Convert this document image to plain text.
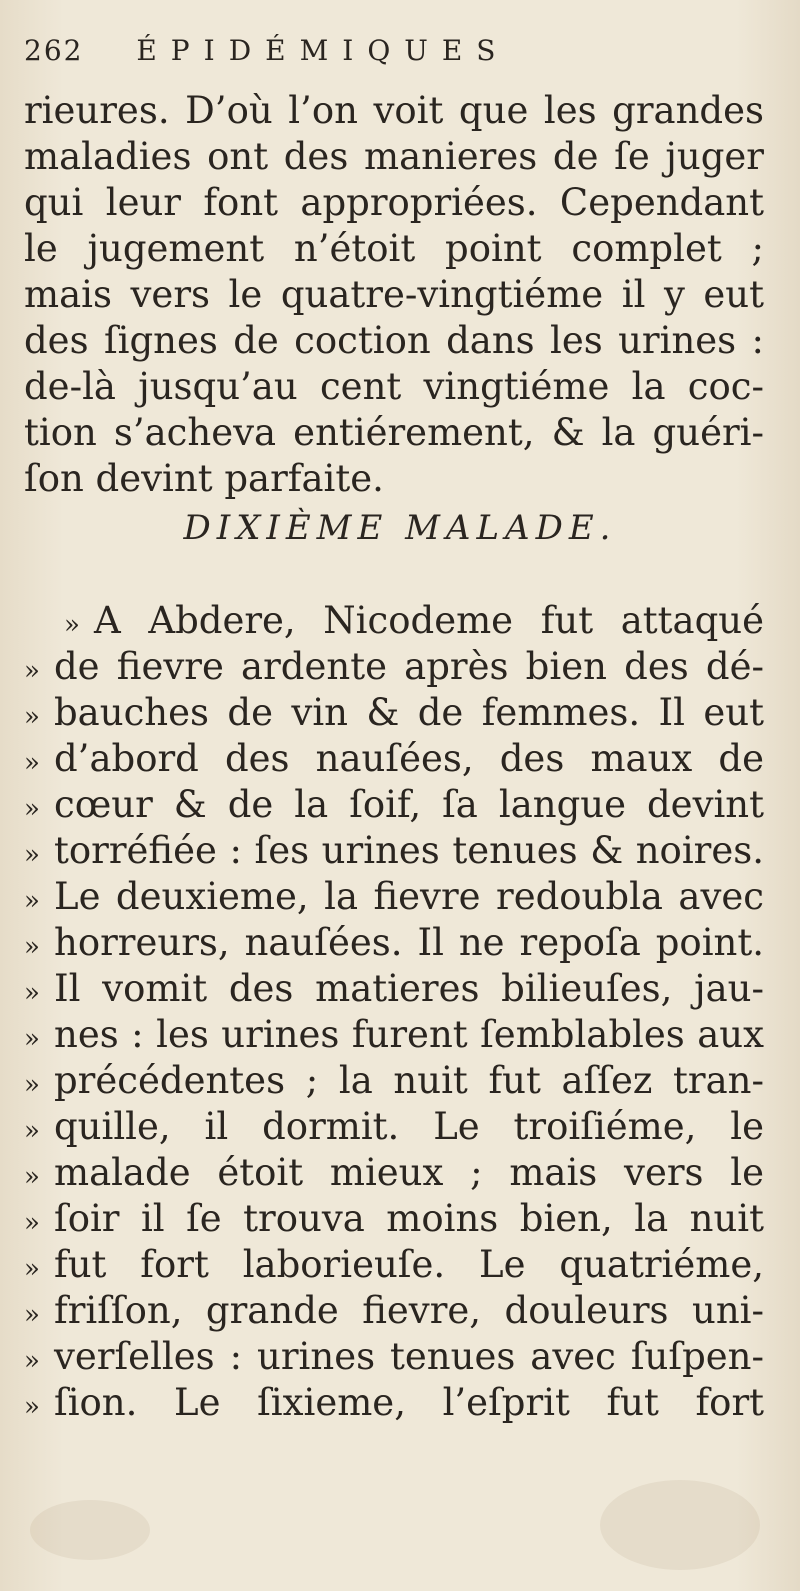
262 ÉPIDÉMIQUES
rieures. D’où l’on voit que les grandes
maladies ont des manieres de ſe juger
qui leur font appropriées. Cependant
le jugement n’étoit point complet ;
mais vers le quatre-vingtiéme il y eut
des ſignes de coction dans les urines :
de-là jusqu’au cent vingtiéme la coc-
tion s’acheva entiérement, & la guéri-
ſon devint parfaite.
DIXIÈME MALADE.
» A Abdere, Nicodeme fut attaqué
» de fievre ardente après bien des dé-
» bauches de vin & de femmes. Il eut
» d’abord des nauſées, des maux de
» cœur & de la ſoif, ſa langue devint
» torréfiée : ſes urines tenues & noires.
» Le deuxieme, la fievre redoubla avec
» horreurs, nauſées. Il ne repoſa point.
» Il vomit des matieres bilieuſes, jau-
» nes : les urines furent ſemblables aux
» précédentes ; la nuit fut aſſez tran-
» quille, il dormit. Le troiſiéme, le
» malade étoit mieux ; mais vers le
» ſoir il ſe trouva moins bien, la nuit
» fut fort laborieuſe. Le quatriéme,
» friſſon, grande fievre, douleurs uni-
» verſelles : urines tenues avec ſuſpen-
» ſion. Le ſixieme, l’eſprit fut fort
